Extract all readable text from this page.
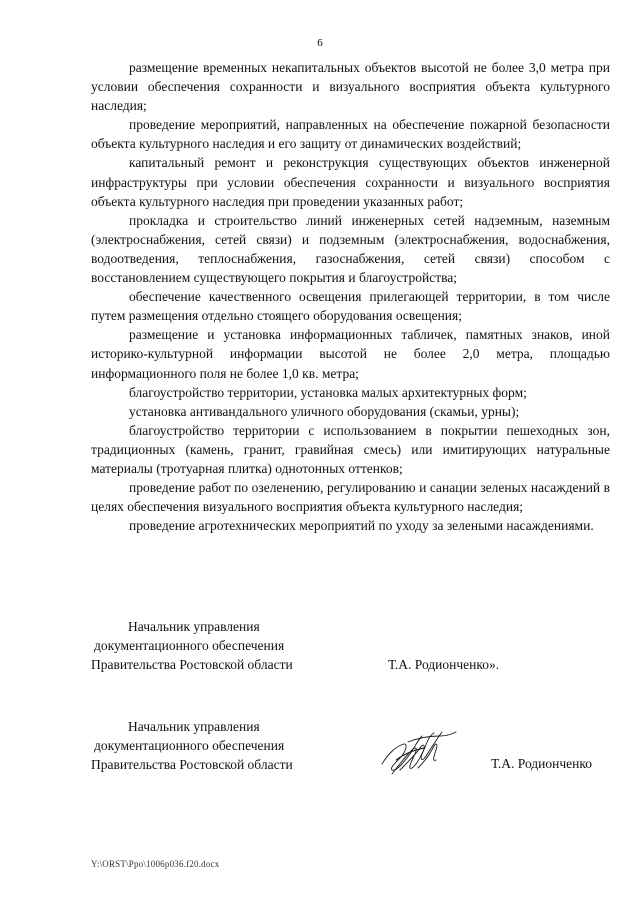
6

размещение временных некапитальных объектов высотой не более 3,0 метра при условии обеспечения сохранности и визуального восприятия объекта культурного наследия;

проведение мероприятий, направленных на обеспечение пожарной безопасности объекта культурного наследия и его защиту от динамических воздействий;

капитальный ремонт и реконструкция существующих объектов инженерной инфраструктуры при условии обеспечения сохранности и визуального восприятия объекта культурного наследия при проведении указанных работ;

прокладка и строительство линий инженерных сетей надземным, наземным (электроснабжения, сетей связи) и подземным (электроснабжения, водоснабжения, водоотведения, теплоснабжения, газоснабжения, сетей связи) способом с восстановлением существующего покрытия и благоустройства;

обеспечение качественного освещения прилегающей территории, в том числе путем размещения отдельно стоящего оборудования освещения;

размещение и установка информационных табличек, памятных знаков, иной историко-культурной информации высотой не более 2,0 метра, площадью информационного поля не более 1,0 кв. метра;

благоустройство территории, установка малых архитектурных форм;

установка антивандального уличного оборудования (скамьи, урны);

благоустройство территории с использованием в покрытии пешеходных зон, традиционных (камень, гранит, гравийная смесь) или имитирующих натуральные материалы (тротуарная плитка) однотонных оттенков;

проведение работ по озеленению, регулированию и санации зеленых насаждений в целях обеспечения визуального восприятия объекта культурного наследия;

проведение агротехнических мероприятий по уходу за зелеными насаждениями.

Начальник управления
документационного обеспечения
Правительства Ростовской области	Т.А. Родионченко».
Начальник управления
документационного обеспечения
Правительства Ростовской области	Т.А. Родионченко
Y:\ORST\Ppo\1006p036.f20.docx
